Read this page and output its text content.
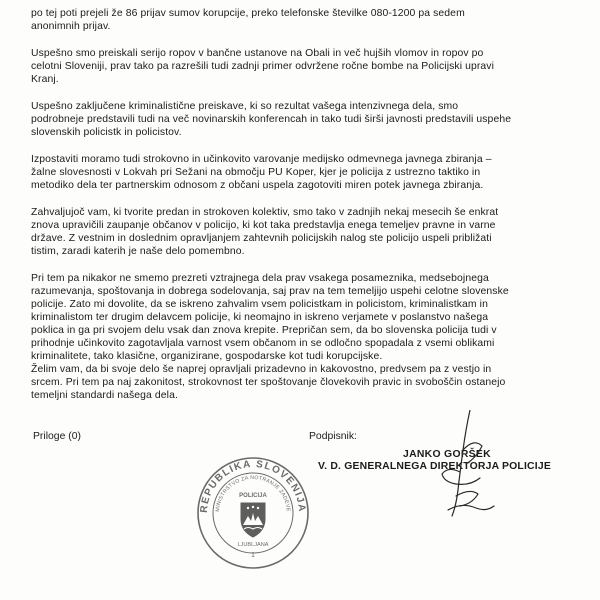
po tej poti prejeli že 86 prijav sumov korupcije, preko telefonske številke 080-1200 pa sedem
anonimnih prijav.

Uspešno smo preiskali serijo ropov v bančne ustanove na Obali in več hujših vlomov in ropov po
celotni Sloveniji, prav tako pa razrešili tudi zadnji primer odvržene ročne bombe na Policijski upravi
Kranj.

Uspešno zaključene kriminalistične preiskave, ki so rezultat vašega intenzivnega dela, smo
podrobneje predstavili tudi na več novinarskih konferencah in tako tudi širši javnosti predstavili uspehe
slovenskih policistk in policistov.

Izpostaviti moramo tudi strokovno in učinkovito varovanje medijsko odmevnega javnega zbiranja –
žalne slovesnosti v Lokvah pri Sežani na območju PU Koper, kjer je policija z ustrezno taktiko in
metodiko dela ter partnerskim odnosom z občani uspela zagotoviti miren potek javnega zbiranja.

Zahvaljujoč vam, ki tvorite predan in strokoven kolektiv, smo tako v zadnjih nekaj mesecih še enkrat
znova upravičili zaupanje občanov v policijo, ki kot taka predstavlja enega temeljev pravne in varne
države. Z vestnim in doslednim opravljanjem zahtevnih policijskih nalog ste policijo uspeli približati
tistim, zaradi katerih je naše delo pomembno.

Pri tem pa nikakor ne smemo prezreti vztrajnega dela prav vsakega posameznika, medsebojnega
razumevanja, spoštovanja in dobrega sodelovanja, saj prav na tem temeljijo uspehi celotne slovenske
policije. Zato mi dovolite, da se iskreno zahvalim vsem policistkam in policistom, kriminalistkam in
kriminalistom ter drugim delavcem policije, ki neomajno in iskreno verjamete v poslanstvo našega
poklica in ga pri svojem delu vsak dan znova krepite. Prepričan sem, da bo slovenska policija tudi v
prihodnje učinkovito zagotavljala varnost vsem občanom in se odločno spopadala z vsemi oblikami
kriminalitete, tako klasične, organizirane, gospodarske kot tudi korupcijske.

Želim vam, da bi svoje delo še naprej opravljali prizadevno in kakovostno, predvsem pa z vestjo in
srcem. Pri tem pa naj zakonitost, strokovnost ter spoštovanje človekovih pravic in svoboščin ostanejo
temeljni standardi našega dela.

Priloge (0)	Podpisnik:
JANKO GORŠEK
V. D. GENERALNEGA DIREKTORJA POLICIJE
REPUBLIKA SLOVENIJA
MINISTRSTVO ZA NOTRANJE ZADEVE
POLICIJA
LJUBLJANA
1
